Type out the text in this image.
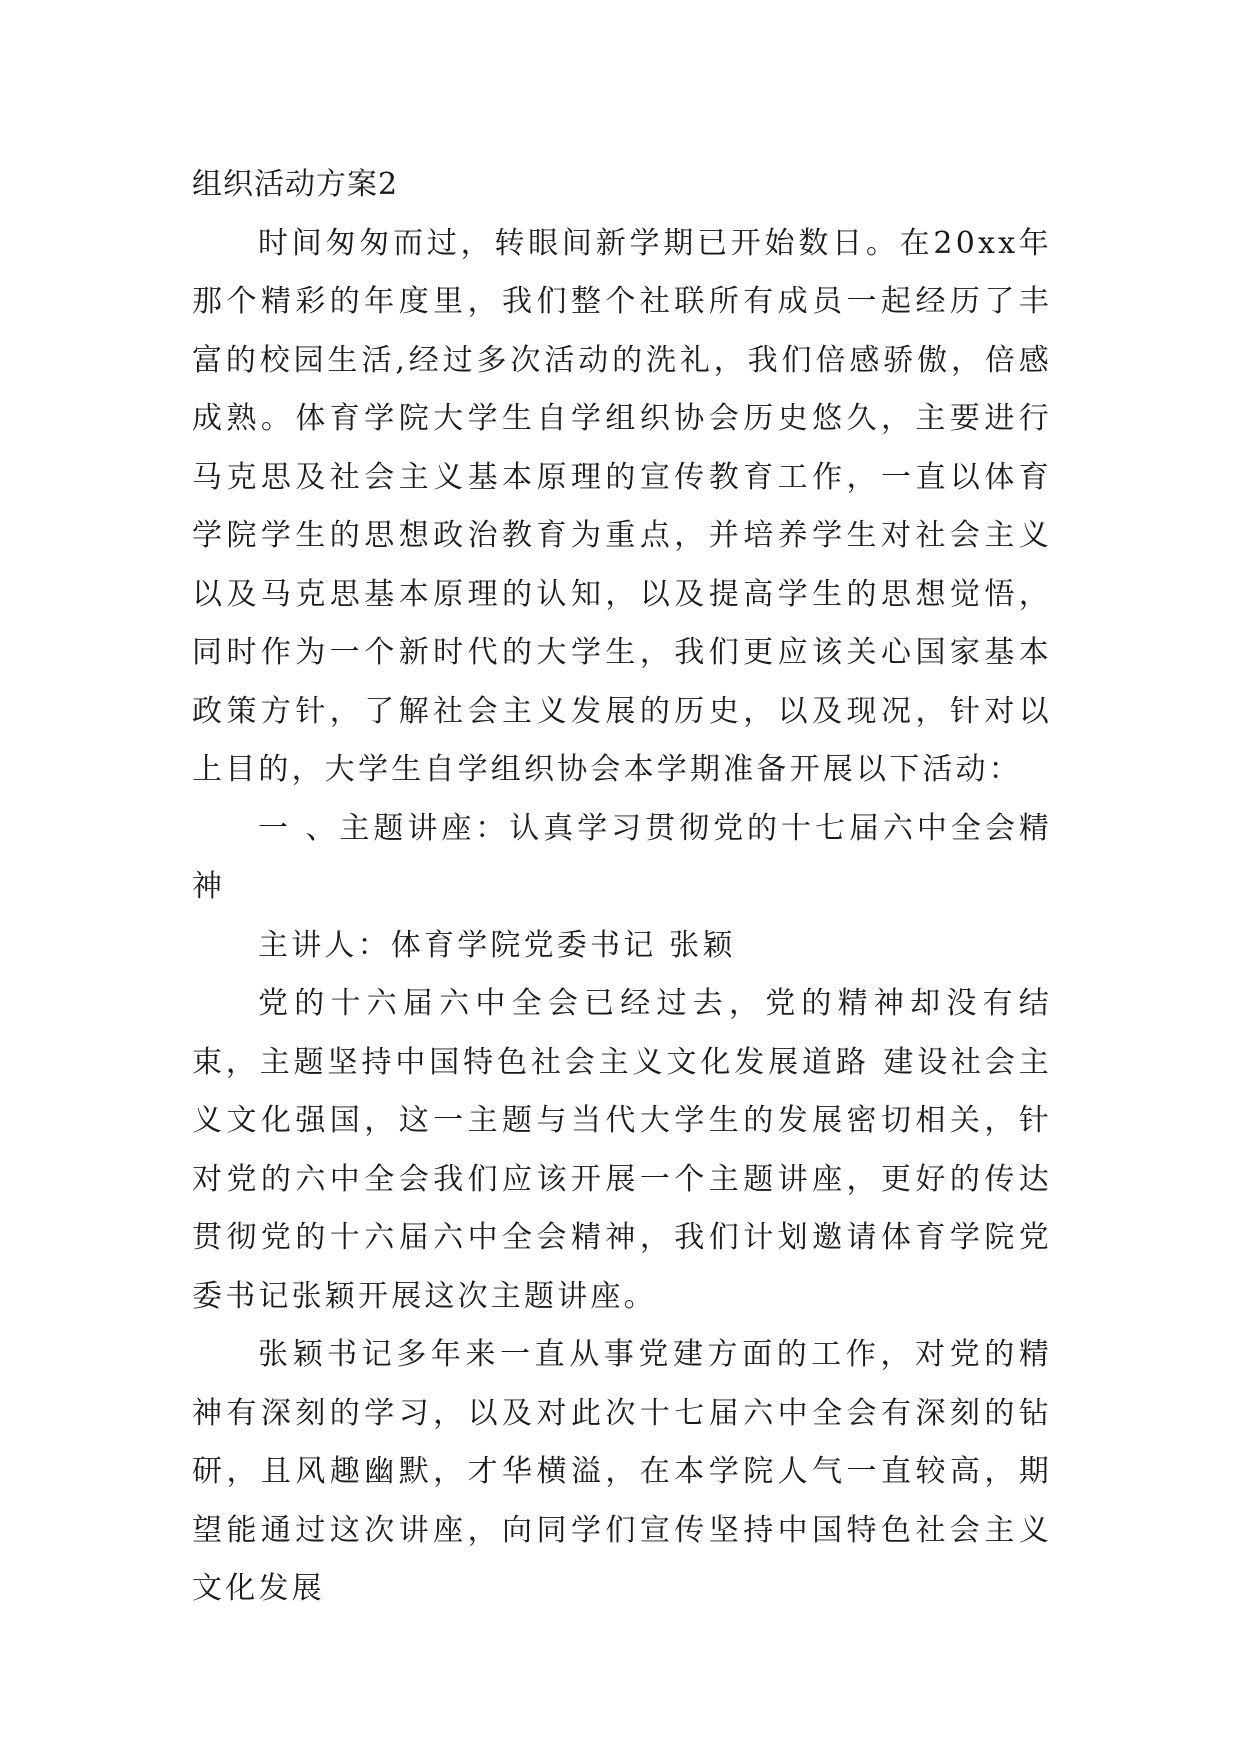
组织活动方案2

时间匆匆而过，转眼间新学期已开始数日。在20xx年那个精彩的年度里，我们整个社联所有成员一起经历了丰富的校园生活,经过多次活动的洗礼，我们倍感骄傲，倍感成熟。体育学院大学生自学组织协会历史悠久，主要进行马克思及社会主义基本原理的宣传教育工作，一直以体育学院学生的思想政治教育为重点，并培养学生对社会主义以及马克思基本原理的认知，以及提高学生的思想觉悟，同时作为一个新时代的大学生，我们更应该关心国家基本政策方针，了解社会主义发展的历史，以及现况，针对以上目的，大学生自学组织协会本学期准备开展以下活动：

一 、主题讲座：认真学习贯彻党的十七届六中全会精神

主讲人：体育学院党委书记 张颖

党的十六届六中全会已经过去，党的精神却没有结束，主题坚持中国特色社会主义文化发展道路 建设社会主义文化强国，这一主题与当代大学生的发展密切相关，针对党的六中全会我们应该开展一个主题讲座，更好的传达贯彻党的十六届六中全会精神，我们计划邀请体育学院党委书记张颖开展这次主题讲座。

张颖书记多年来一直从事党建方面的工作，对党的精神有深刻的学习，以及对此次十七届六中全会有深刻的钻研，且风趣幽默，才华横溢，在本学院人气一直较高，期望能通过这次讲座，向同学们宣传坚持中国特色社会主义文化发展
